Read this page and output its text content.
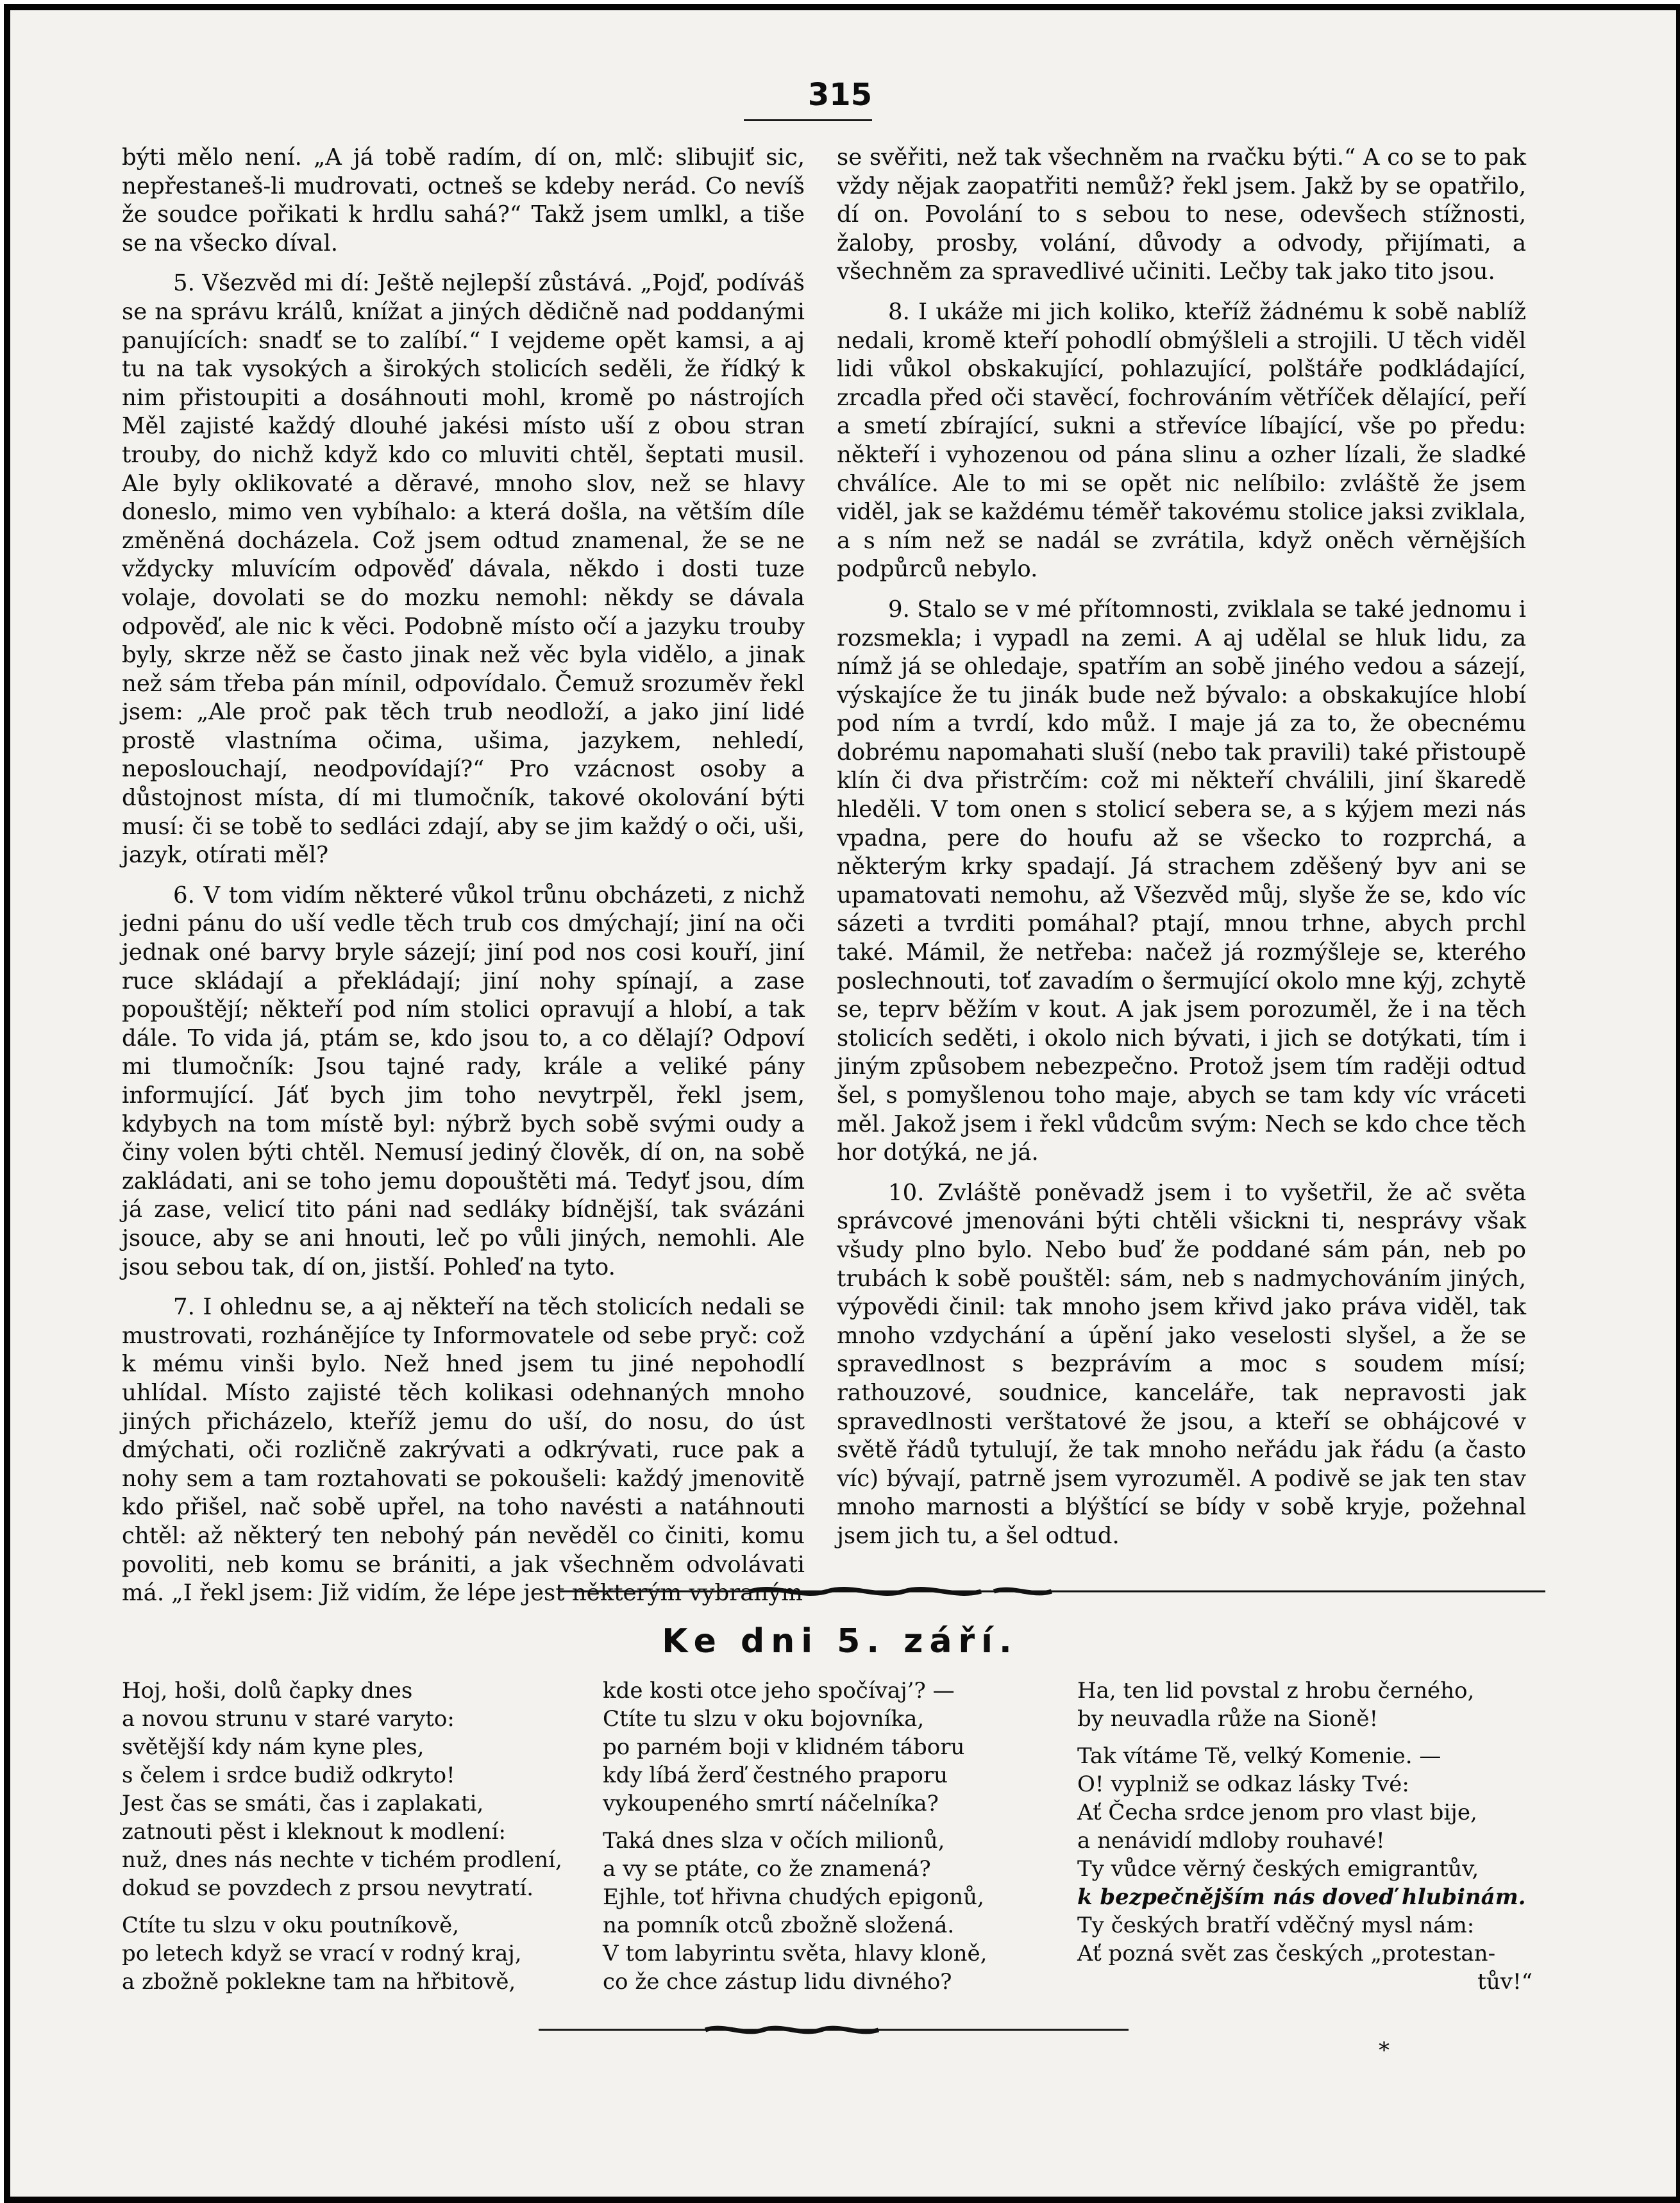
315

býti mělo není. „A já tobě radím, dí on, mlč: slibujiť sic, nepřestaneš-li mudrovati, octneš se kdeby nerád. Co nevíš že soudce pořikati k hrdlu sahá?“ Takž jsem umlkl, a tiše se na všecko díval.

5. Všezvěd mi dí: Ještě nejlepší zůstává. „Pojď, podíváš se na správu králů, knížat a jiných dědičně nad poddanými panujících: snadť se to zalíbí.“ I vejdeme opět kamsi, a aj tu na tak vysokých a širokých stolicích seděli, že řídký k nim přistoupiti a dosáhnouti mohl, kromě po nástrojích Měl zajisté každý dlouhé jakési místo uší z obou stran trouby, do nichž když kdo co mluviti chtěl, šeptati musil. Ale byly oklikovaté a děravé, mnoho slov, než se hlavy doneslo, mimo ven vybíhalo: a která došla, na větším díle změněná docházela. Což jsem odtud znamenal, že se ne vždycky mluvícím odpověď dávala, někdo i dosti tuze volaje, dovolati se do mozku nemohl: někdy se dávala odpověď, ale nic k věci. Podobně místo očí a jazyku trouby byly, skrze něž se často jinak než věc byla vidělo, a jinak než sám třeba pán mínil, odpovídalo. Čemuž srozuměv řekl jsem: „Ale proč pak těch trub neodloží, a jako jiní lidé prostě vlastníma očima, ušima, jazykem, nehledí, neposlouchají, neodpovídají?“ Pro vzácnost osoby a důstojnost místa, dí mi tlumočník, takové okolování býti musí: či se tobě to sedláci zdají, aby se jim každý o oči, uši, jazyk, otírati měl?

6. V tom vidím některé vůkol trůnu obcházeti, z nichž jedni pánu do uší vedle těch trub cos dmýchají; jiní na oči jednak oné barvy bryle sázejí; jiní pod nos cosi kouří, jiní ruce skládají a překládají; jiní nohy spínají, a zase popouštějí; někteří pod ním stolici opravují a hlobí, a tak dále. To vida já, ptám se, kdo jsou to, a co dělají? Odpoví mi tlumočník: Jsou tajné rady, krále a veliké pány informující. Jáť bych jim toho nevytrpěl, řekl jsem, kdybych na tom místě byl: nýbrž bych sobě svými oudy a činy volen býti chtěl. Nemusí jediný člověk, dí on, na sobě zakládati, ani se toho jemu dopouštěti má. Tedyť jsou, dím já zase, velicí tito páni nad sedláky bídnější, tak svázáni jsouce, aby se ani hnouti, leč po vůli jiných, nemohli. Ale jsou sebou tak, dí on, jistší. Pohleď na tyto.

7. I ohlednu se, a aj někteří na těch stolicích nedali se mustrovati, rozhánějíce ty Informovatele od sebe pryč: což k mému vinši bylo. Než hned jsem tu jiné nepohodlí uhlídal. Místo zajisté těch kolikasi odehnaných mnoho jiných přicházelo, kteříž jemu do uší, do nosu, do úst dmýchati, oči rozličně zakrývati a odkrývati, ruce pak a nohy sem a tam roztahovati se pokoušeli: každý jmenovitě kdo přišel, nač sobě upřel, na toho navésti a natáhnouti chtěl: až některý ten nebohý pán nevěděl co činiti, komu povoliti, neb komu se brániti, a jak všechněm odvolávati má. „I řekl jsem: Již vidím, že lépe jest některým vybraným

se svěřiti, než tak všechněm na rvačku býti.“ A co se to pak vždy nějak zaopatřiti nemůž? řekl jsem. Jakž by se opatřilo, dí on. Povolání to s sebou to nese, odevšech stížnosti, žaloby, prosby, volání, důvody a odvody, přijímati, a všechněm za spravedlivé učiniti. Lečby tak jako tito jsou.

8. I ukáže mi jich koliko, kteříž žádnému k sobě nablíž nedali, kromě kteří pohodlí obmýšleli a strojili. U těch viděl lidi vůkol obskakující, pohlazující, polštáře podkládající, zrcadla před oči stavěcí, fochrováním větříček dělající, peří a smetí zbírající, sukni a střevíce líbající, vše po předu: někteří i vyhozenou od pána slinu a ozher lízali, že sladké chválíce. Ale to mi se opět nic nelíbilo: zvláště že jsem viděl, jak se každému téměř takovému stolice jaksi zviklala, a s ním než se nadál se zvrátila, když oněch věrnějších podpůrců nebylo.

9. Stalo se v mé přítomnosti, zviklala se také jednomu i rozsmekla; i vypadl na zemi. A aj udělal se hluk lidu, za nímž já se ohledaje, spatřím an sobě jiného vedou a sázejí, výskajíce že tu jinák bude než bývalo: a obskakujíce hlobí pod ním a tvrdí, kdo můž. I maje já za to, že obecnému dobrému napomahati sluší (nebo tak pravili) také přistoupě klín či dva přistrčím: což mi někteří chválili, jiní škaredě hleděli. V tom onen s stolicí sebera se, a s kýjem mezi nás vpadna, pere do houfu až se všecko to rozprchá, a některým krky spadají. Já strachem zděšený byv ani se upamatovati nemohu, až Všezvěd můj, slyše že se, kdo víc sázeti a tvrditi pomáhal? ptají, mnou trhne, abych prchl také. Mámil, že netřeba: načež já rozmýšleje se, kterého poslechnouti, toť zavadím o šermující okolo mne kýj, zchytě se, teprv běžím v kout. A jak jsem porozuměl, že i na těch stolicích seděti, i okolo nich bývati, i jich se dotýkati, tím i jiným způsobem nebezpečno. Protož jsem tím raději odtud šel, s pomyšlenou toho maje, abych se tam kdy víc vráceti měl. Jakož jsem i řekl vůdcům svým: Nech se kdo chce těch hor dotýká, ne já.

10. Zvláště poněvadž jsem i to vyšetřil, že ač světa správcové jmenováni býti chtěli všickni ti, nesprávy však všudy plno bylo. Nebo buď že poddané sám pán, neb po trubách k sobě pouštěl: sám, neb s nadmychováním jiných, výpovědi činil: tak mnoho jsem křivd jako práva viděl, tak mnoho vzdychání a úpění jako veselosti slyšel, a že se spravedlnost s bezprávím a moc s soudem mísí; rathouzové, soudnice, kanceláře, tak nepravosti jak spravedlnosti verštatové že jsou, a kteří se obhájcové v světě řádů tytulují, že tak mnoho neřádu jak řádu (a často víc) bývají, patrně jsem vyrozuměl. A podivě se jak ten stav mnoho marnosti a blýštící se bídy v sobě kryje, požehnal jsem jich tu, a šel odtud.

Ke dni 5. září.
Hoj, hoši, dolů čapky dnes
a novou strunu v staré varyto:
světější kdy nám kyne ples,
s čelem i srdce budiž odkryto!
Jest čas se smáti, čas i zaplakati,
zatnouti pěst i kleknout k modlení:
nuž, dnes nás nechte v tichém prodlení,
dokud se povzdech z prsou nevytratí.
Ctíte tu slzu v oku poutníkově,
po letech když se vrací v rodný kraj,
a zbožně poklekne tam na hřbitově,
kde kosti otce jeho spočívaj’? —
Ctíte tu slzu v oku bojovníka,
po parném boji v klidném táboru
kdy líbá žerď čestného praporu
vykoupeného smrtí náčelníka?
Taká dnes slza v očích milionů,
a vy se ptáte, co že znamená?
Ejhle, toť hřivna chudých epigonů,
na pomník otců zbožně složená.
V tom labyrintu světa, hlavy kloně,
co že chce zástup lidu divného?
Ha, ten lid povstal z hrobu černého,
by neuvadla růže na Sioně!
Tak vítáme Tě, velký Komenie. —
O! vyplniž se odkaz lásky Tvé:
Ať Čecha srdce jenom pro vlast bije,
a nenávidí mdloby rouhavé!
Ty vůdce věrný českých emigrantův,
k bezpečnějším nás doveď hlubinám.
Ty českých bratří vděčný mysl nám:
Ať pozná svět zas českých „protestan-
tův!“
*
